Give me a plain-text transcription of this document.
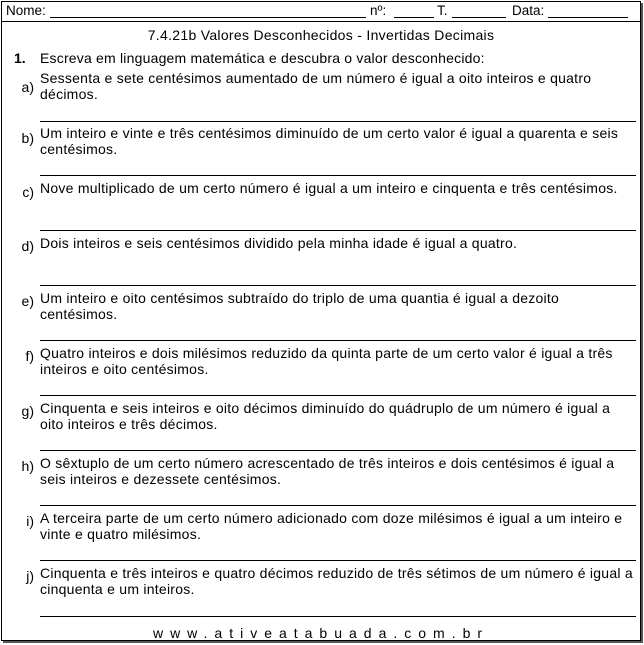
Nome:	nº:	T.	Data:
7.4.21b Valores Desconhecidos - Invertidas Decimais
1. Escreva em linguagem matemática e descubra o valor desconhecido:
a)
Sessenta e sete centésimos aumentado de um número é igual a oito inteiros e quatro décimos.
b) Um inteiro e vinte e três centésimos diminuído de um certo valor é igual a quarenta e seis centésimos.
c) Nove multiplicado de um certo número é igual a um inteiro e cinquenta e três centésimos.
d) Dois inteiros e seis centésimos dividido pela minha idade é igual a quatro.
e) Um inteiro e oito centésimos subtraído do triplo de uma quantia é igual a dezoito centésimos.
f) Quatro inteiros e dois milésimos reduzido da quinta parte de um certo valor é igual a três inteiros e oito centésimos.
g) Cinquenta e seis inteiros e oito décimos diminuído do quádruplo de um número é igual a oito inteiros e três décimos.
h) O sêxtuplo de um certo número acrescentado de três inteiros e dois centésimos é igual a seis inteiros e dezessete centésimos.
i) A terceira parte de um certo número adicionado com doze milésimos é igual a um inteiro e vinte e quatro milésimos.
j) Cinquenta e três inteiros e quatro décimos reduzido de três sétimos de um número é igual a cinquenta e um inteiros.
www.ativeatabuada.com.br
